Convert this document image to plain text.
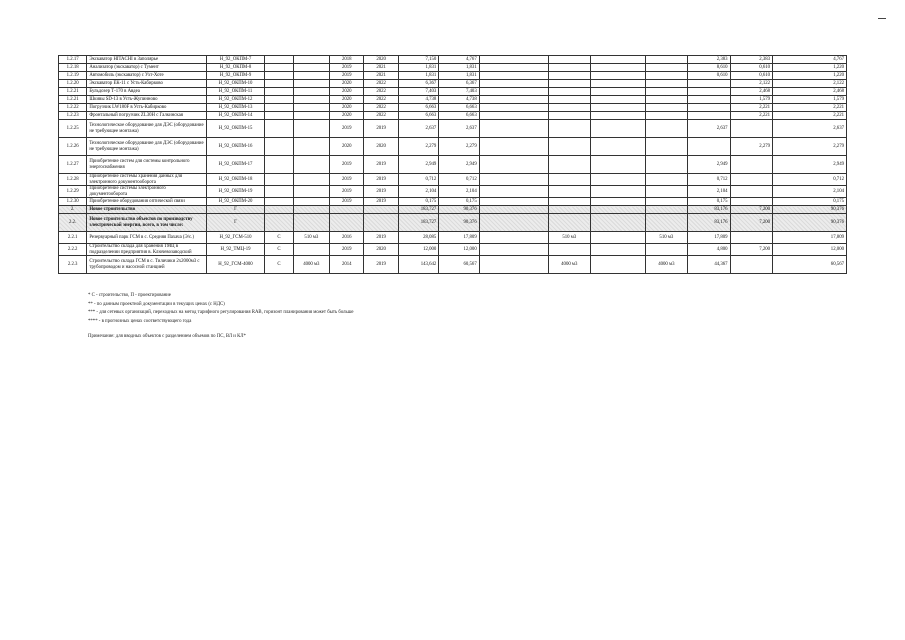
1.2.17	Экскаватор HITACHI в Заполярье	H_92_ОКПМ-7			2018	2020	7,150	4,767					2,383	2,383	4,767
1.2.18	Анализатор (экскаватор) с Тумент	H_92_ОКПМ-8			2019	2021	1,831	1,831					8,610	0,610	1,220
1.2.19	Автомобиль (экскаватор) с Ухт-Хоте	H_92_ОКПМ-9			2019	2021	1,831	1,831					0,610	0,610	1,220
1.2.20	Экскаватор ЕК-11 с Усть-Кабирково	H_92_ОКПМ-10			2020	2022	6,367	6,367						2,122	2,122
1.2.21	Бульдозер Т-170 в Авдеа	H_92_ОКПМ-11			2020	2022	7,403	7,403						2,468	2,468
1.2.21	Шкивы SD-13 в Усть-Жупинново	H_92_ОКПМ-12			2020	2022	4,738	4,738						1,579	1,579
1.2.22	Погрузчик LW180F в Усть-Кабирково	H_92_ОКПМ-13			2020	2022	6,663	6,663						2,221	2,221
1.2.23	Фронтальный погрузчик ZL30H с Галкинская	H_92_ОКПМ-14			2020	2022	6,663	6,663						2,221	2,221
1.2.25	Технологическое оборудование для ДЭС (оборудование не требующее монтажа)	H_92_ОКПМ-15			2019	2019	2,637	2,637					2,637		2,637
1.2.26	Технологическое оборудование для ДЭС (оборудование не требующее монтажа)	H_92_ОКПМ-16			2020	2020	2,279	2,279						2,279	2,279
1.2.27	Приобретение систем для системы контрольного энергоснабжения	H_92_ОКПМ-17			2019	2019	2,949	2,949					2,949		2,949
1.2.28	Приобретение системы хранения данных для электронного документооборота	H_92_ОКПМ-18			2019	2019	0,712	0,712					0,712		0,712
1.2.29	Приобретение системы электронного документооборота	H_92_ОКПМ-19			2019	2019	2,104	2,104					2,104		2,104
1.2.30	Приобретение оборудования оптической связи	H_92_ОКПМ-20			2019	2019	0,175	0,175					0,175		0,175
2.	Новое строительство	Г					183,727	90,376					83,176	7,200	90,376
2.2.	Новое строительство объектов по производству электрической энергии, всего, в том числе:	Г					183,727	90,376					83,176	7,200	90,376
2.2.1	Резервуарный парк ГСМ в с. Средняя Пахача (Э/с.)	H_92_ГСМ-510	С	510 м3	2016	2019	28,085	17,809		510 м3		510 м3	17,809		17,809
2.2.2	Строительство склада для хранения ТМЦ в подразделении предприятия в. Ключевозаводский	H_92_ТМЦ-19	С		2019	2020	12,000	12,000					4,800	7,200	12,000
2.2.3	Строительство склада ГСМ в с. Тиличики 2х2000м3 с трубопроводом и насосной станцией	H_92_ГСМ-4000	С	4000 м3	2014	2019	143,642	60,567		4000 м3		4000 м3	44,367		60,567
* С - строительство, П - проектирование
** - по данным проектной документации в текущих ценах (с НДС)
*** - для сетевых организаций, переходных на метод тарифного регулирования RAB, горизонт планирования может быть больше
**** - в прогнозных ценах соответствующего года
Примечание: для вводных объектов с разделением объемов по ПС, ВЛ и КЛ*
